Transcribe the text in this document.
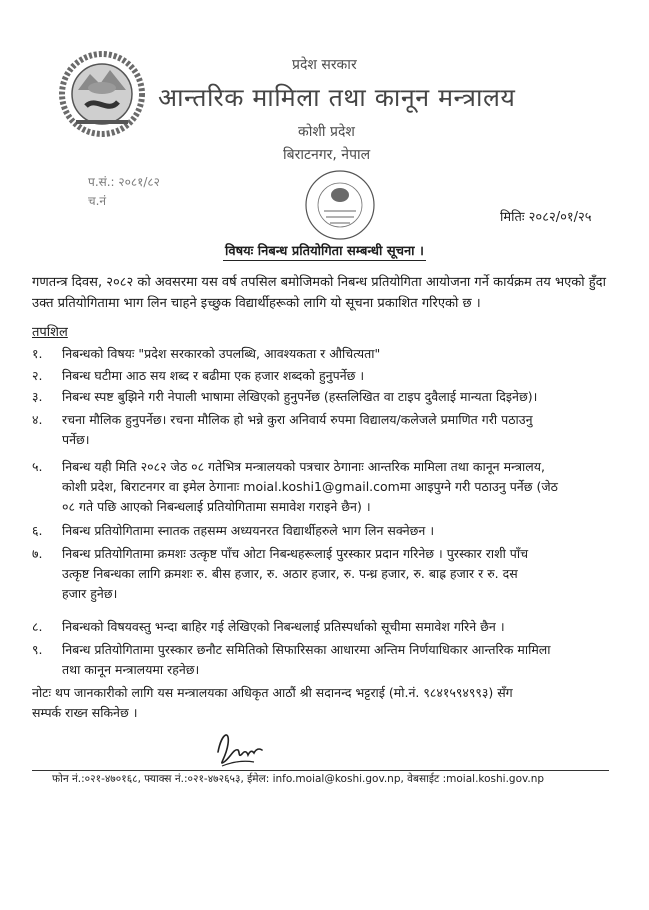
प्रदेश सरकार
आन्तरिक मामिला तथा कानून मन्त्रालय
कोशी प्रदेश
बिराटनगर, नेपाल
प.सं.: २०८१/८२
च.नं
मितिः २०८२/०१/२५
विषयः निबन्ध प्रतियोगिता सम्बन्धी सूचना ।
गणतन्त्र दिवस, २०८२ को अवसरमा यस वर्ष तपसिल बमोजिमको निबन्ध प्रतियोगिता आयोजना गर्ने कार्यक्रम तय भएको हुँदा उक्त प्रतियोगितामा भाग लिन चाहने इच्छुक विद्यार्थीहरूको लागि यो सूचना प्रकाशित गरिएको छ ।
तपशिल
१. निबन्धको विषयः "प्रदेश सरकारको उपलब्धि, आवश्यकता र औचित्यता"
२. निबन्ध घटीमा आठ सय शब्द र बढीमा एक हजार शब्दको हुनुपर्नेछ ।
३. निबन्ध स्पष्ट बुझिने गरी नेपाली भाषामा लेखिएको हुनुपर्नेछ (हस्तलिखित वा टाइप दुवैलाई मान्यता दिइनेछ)।
४. रचना मौलिक हुनुपर्नेछ। रचना मौलिक हो भन्ने कुरा अनिवार्य रुपमा विद्यालय/कलेजले प्रमाणित गरी पठाउनु
पर्नेछ।
५. निबन्ध यही मिति २०८२ जेठ ०८ गतेभित्र मन्त्रालयको पत्रचार ठेगानाः आन्तरिक मामिला तथा कानून मन्त्रालय,
कोशी प्रदेश, बिराटनगर वा इमेल ठेगानाः moial.koshi1@gmail.comमा आइपुग्ने गरी पठाउनु पर्नेछ (जेठ
०८ गते पछि आएको निबन्धलाई प्रतियोगितामा समावेश गराइने छैन) ।
६. निबन्ध प्रतियोगितामा स्नातक तहसम्म अध्ययनरत विद्यार्थीहरुले भाग लिन सक्नेछन ।
७. निबन्ध प्रतियोगितामा क्रमशः उत्कृष्ट पाँच ओटा निबन्धहरूलाई पुरस्कार प्रदान गरिनेछ । पुरस्कार राशी पाँच
उत्कृष्ट निबन्धका लागि क्रमशः रु. बीस हजार, रु. अठार हजार, रु. पन्ध्र हजार, रु. बाह्र हजार र रु. दस
हजार हुनेछ।
८. निबन्धको विषयवस्तु भन्दा बाहिर गई लेखिएको निबन्धलाई प्रतिस्पर्धाको सूचीमा समावेश गरिने छैन ।
९. निबन्ध प्रतियोगितामा पुरस्कार छनौट समितिको सिफारिसका आधारमा अन्तिम निर्णयाधिकार आन्तरिक मामिला
तथा कानून मन्त्रालयमा रहनेछ।
नोटः थप जानकारीको लागि यस मन्त्रालयका अधिकृत आठौं श्री सदानन्द भट्टराई (मो.नं. ९८४१५९४९९३) सँग
सम्पर्क राख्न सकिनेछ ।
फोन नं.:०२१-४७०१६८, फ्याक्स नं.:०२१-४७२६५३, ईमेल: info.moial@koshi.gov.np, वेबसाईट :moial.koshi.gov.np
